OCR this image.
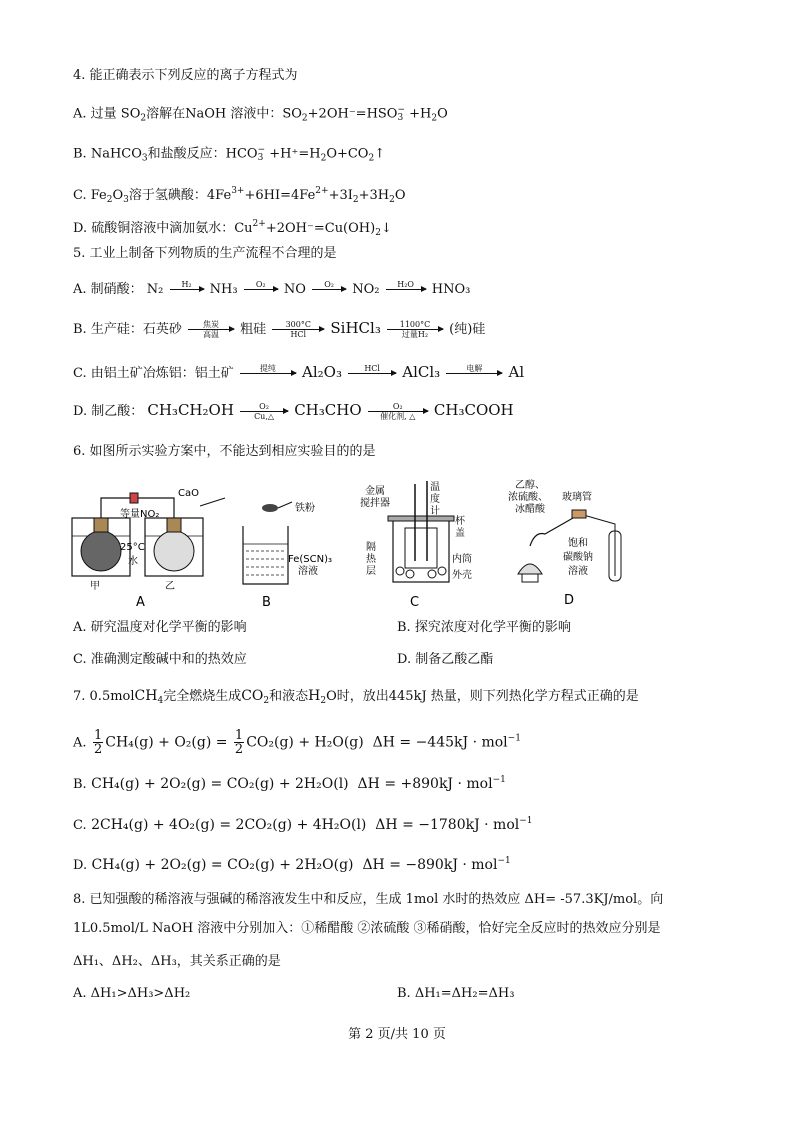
4. 能正确表示下列反应的离子方程式为
A. 过量 $SO_2$溶解在NaOH 溶液中：$SO_2+2OH^-=HSO$ −
$3 +H_2O$
B. NaHCO$_3$和盐酸反应：HCO −
$3 +H^+=H_2O+CO_2↑$
C. $Fe_2O_3$溶于氢碘酸：$4Fe^{3+}+6HI=4Fe^{2+}+3I_2+3H_2O$
D. 硫酸铜溶液中滴加氨水：$Cu^{2+}+2OH^-=Cu(OH)_2↓$
5. 工业上制备下列物质的生产流程不合理的是
A. 制硝酸： N₂	H₂
	NH₃	O₂
	NO	O₂
	NO₂	H₂O
	HNO₃
B. 生产硅：石英砂	焦炭
高温	粗硅	300°C
HCl	SiHCl₃	1100°C
过量H₂	(纯)硅
C. 由铝土矿冶炼铝：铝土矿	提纯
	Al₂O₃	HCl
	AlCl₃	电解
	Al
D. 制乙酸： $CH_3CH_2OH \frac{\text{O₂}}{Cu,\triangle} CH_3CHO$	O₂
催化剂, △	CH₃COOH
6. 如图所示实验方案中，不能达到相应实验目的的是
等量NO₂
CaO
25°C
水
甲	乙
A
铁粉
Fe(SCN)₃
溶液
B
金属
搅拌器
温
度
计
杯
盖
隔
热
层
内筒
外壳
C
乙醇、
浓硫酸、
冰醋酸
玻璃管
饱和
碳酸钠
溶液
D
A. 研究温度对化学平衡的影响	B. 探究浓度对化学平衡的影响
C. 准确测定酸碱中和的热效应	D. 制备乙酸乙酯
7. 0.5molCH$_4$完全燃烧生成$CO_2$和液态$H_2O$时，放出445kJ 热量，则下列热化学方程式正确的是
A. $\frac{1}{2} CH_4(g) + O_2(g) = \frac{1}{2} CO_2(g) + H_2O(g) \Delta H = -445kJ \cdot mol^{-1}$
B. CH₄(g) + 2O₂(g) = CO₂(g) + 2H₂O(l) ΔH = +890kJ · mol$^{-1}$
C. 2CH₄(g) + 4O₂(g) = 2CO₂(g) + 4H₂O(l) ΔH = −1780kJ · mol$^{-1}$
D. CH₄(g) + 2O₂(g) = CO₂(g) + 2H₂O(g) ΔH = −890kJ · mol$^{-1}$
8. 已知强酸的稀溶液与强碱的稀溶液发生中和反应，生成 1mol 水时的热效应 ΔH= -57.3KJ/mol。向
1L0.5mol/L NaOH 溶液中分别加入：①稀醋酸 ②浓硫酸 ③稀硝酸，恰好完全反应时的热效应分别是
ΔH₁、ΔH₂、ΔH₃，其关系正确的是
A. ΔH₁>ΔH₃>ΔH₂	B. ΔH₁=ΔH₂=ΔH₃
第 2 页/共 10 页
